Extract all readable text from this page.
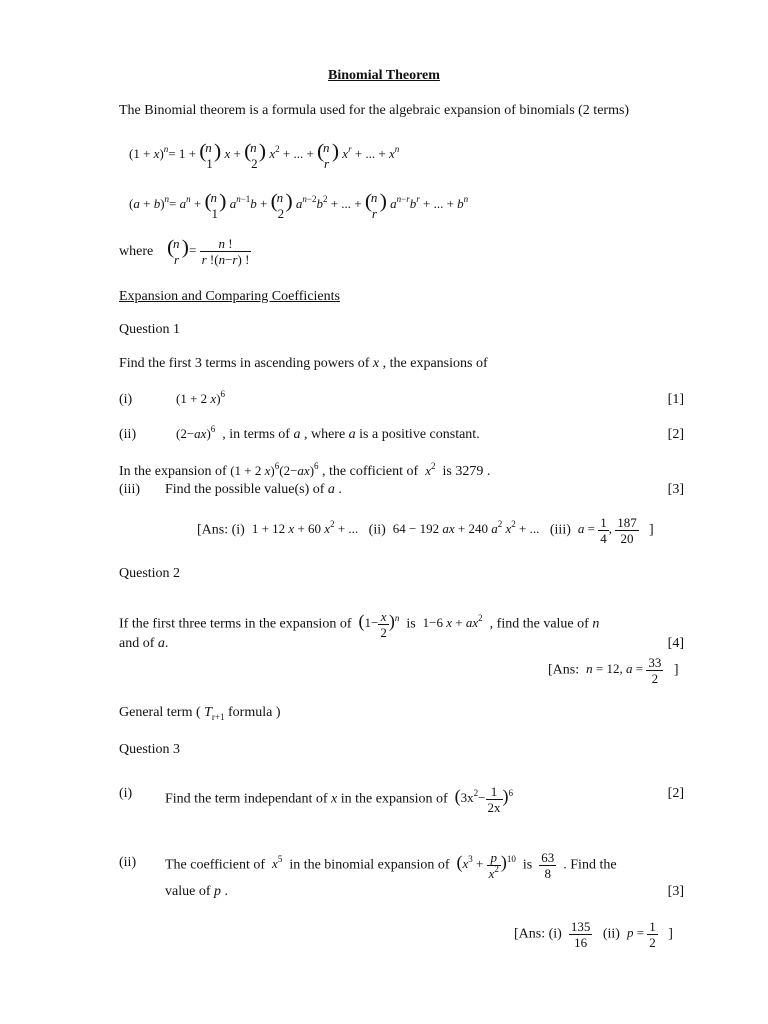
Binomial Theorem
The Binomial theorem is a formula used for the algebraic expansion of binomials (2 terms)
$(1 + x)^n= 1$ + (
n
1
) x + (
n
2
) $x^2$ + ... + (
n
r
) $x^r$ + ... + $x^n$
$(a + b)^n= a^n$ + (
n
1
) $a^{n-1}b$ + (
n
2
) $a^{n-2}b^2$ + ... + (
n
r
) $a^{n-r}b^r$ + ... + $b^n$
where (
n
r
) = $\frac{n !}{r !(n-r) !}$
Expansion and Comparing Coefficients
Question 1
Find the first 3 terms in ascending powers of x , the expansions of
(i)	(1 + 2 x)$^6$	[1]
(ii)	$(2-ax)^6$ , in terms of a , where a is a positive constant.	[2]
In the expansion of (1 + 2 $x)^6(2-ax)^6$ , the cofficient of $x^2$ is 3279 .
(iii) Find the possible value(s) of a .	[3]
[Ans: (i) 1 + 12 x + 60 $x^2$ + ... (ii) 64 − 192 ax + 240 $a^2$ $x^2$ + ... (iii) $a = \frac{1}{4}$ , $\frac{187}{20}$ ]
Question 2
If the first three terms in the expansion of $(1- \frac{x}{2} )^n$ is 1−6 $x + ax^2$ , find the value of n
and of a.	[4]
[Ans: n = 12, $a = \frac{33}{2}$ ]
General term ( $T_{r+1}$ formula )
Question 3
(i) Find the term independant of x in the expansion of $(3x^2- \frac{1}{2x} )^6$	[2]
(ii) The coefficient of $x^5$ in the binomial expansion of $(x^3 + \frac{p}{x^2} )^{10}$ is $\frac{63}{8}$ . Find the
value of p .	[3]
[Ans: $(i) \frac{135}{16} (ii) p = \frac{1}{2}$ ]
